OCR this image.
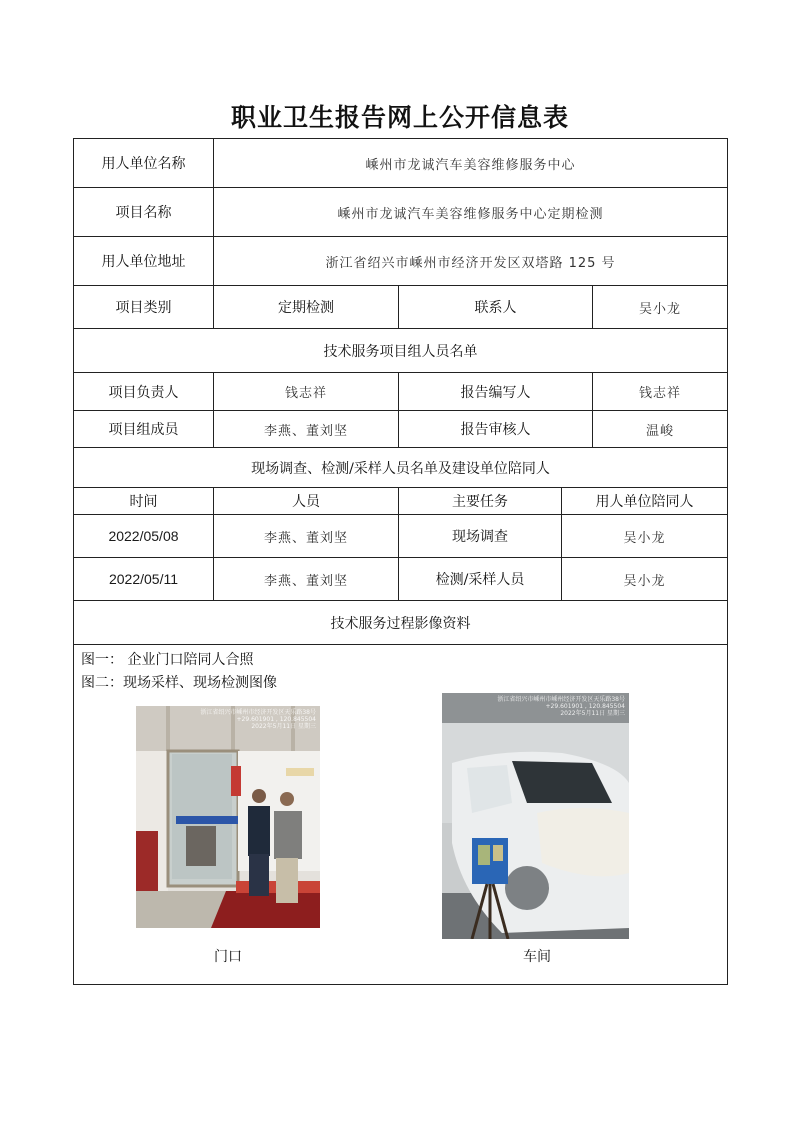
职业卫生报告网上公开信息表
用人单位名称	嵊州市龙诚汽车美容维修服务中心
项目名称	嵊州市龙诚汽车美容维修服务中心定期检测
用人单位地址	浙江省绍兴市嵊州市经济开发区双塔路 125 号
项目类别	定期检测	联系人	吴小龙
技术服务项目组人员名单
项目负责人	钱志祥	报告编写人	钱志祥
项目组成员	李燕、董刘坚	报告审核人	温峻
现场调查、检测/采样人员名单及建设单位陪同人
时间	人员	主要任务	用人单位陪同人
2022/05/08	李燕、董刘坚	现场调查	吴小龙
2022/05/11	李燕、董刘坚	检测/采样人员	吴小龙
技术服务过程影像资料
图一： 企业门口陪同人合照
图二：现场采样、现场检测图像
浙江省绍兴市嵊州市经济开发区天乐路38号
+29.601901 , 120.845504
2022年5月11日 星期三
门口
浙江省绍兴市嵊州市嵊州经济开发区天乐路38号
+29.601901 , 120.845504
2022年5月11日 星期三
车间
